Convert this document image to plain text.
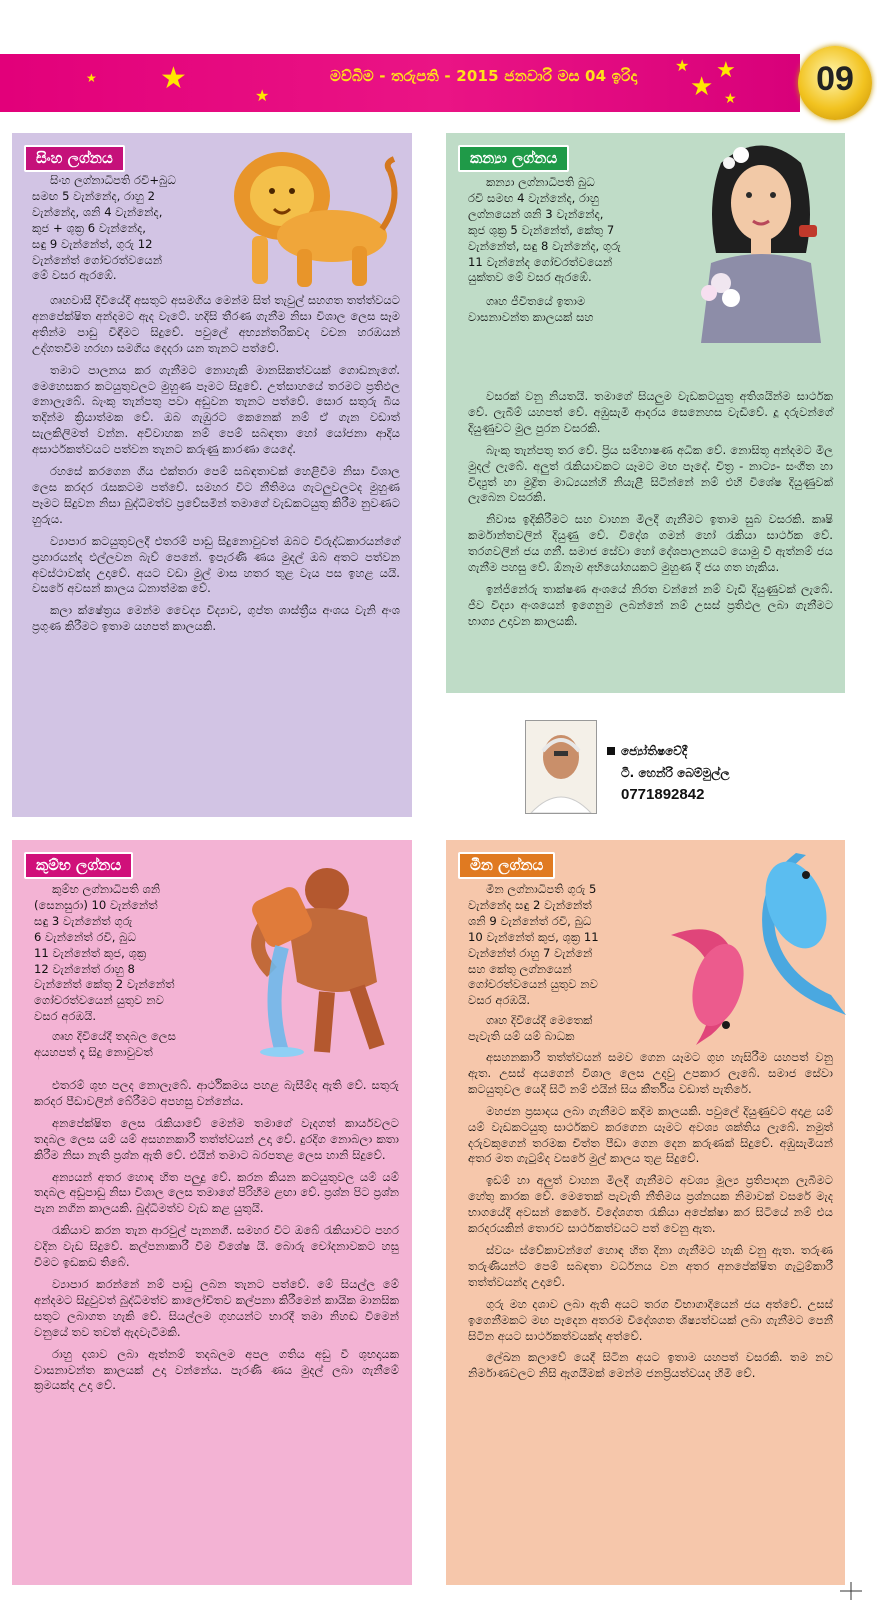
★ ★	★
★
★
★
★
මව්බිම - තරුපති - 2015 ජනවාරි මස 04 ඉරිදා	09
සිංහ ලග්නය
සිංහ ලග්නාධිපති රවි+බුධ
සමඟ 5 වැන්නේද, රාහු 2
වැන්නේද, ශනි 4 වැන්නේද,
කුජ + ශුක්‍ර 6 වැන්නේද,
සඳු 9 වැන්නේත්, ගුරු 12
වැන්නේත් ගෝචරත්වයෙන්
මේ වසර ඇරඹේ.

ගෘහවාසී දිවියේදී අසතුට අසමගිය මෙන්ම සිත් තැවුල් සහගත තත්ත්වයට අනපේක්ෂිත අන්දමට ඇද වැටේ. හදිසි තීරණ ගැනීම නිසා විශාල ලෙස සෑම අතින්ම පාඩු විඳීමට සිදුවේ. පවුලේ අභ්‍යන්තරිකවද වචන හරඹයන් උද්ගතවීම හරහා සමගිය දෙදරා යන තැනට පත්වේ.

තමාට පාලනය කර ගැනීමට නොහැකි මානසිකත්වයක් ගොඩනැගේ. මෙහෙසකර කටයුතුවලට මුහුණ පෑමට සිදුවේ. උත්සාහයේ තරමට ප්‍රතිඵල නොලැබේ. බැංකු තැන්පතු පවා අඩුවන තැනට පත්වේ. සොර සතුරු බිය තදින්ම ක්‍රියාත්මක වේ. ඔබ ගැඹුරට කෙනෙක් නම් ඒ ගැන වඩාත් සැලකිලිමත් වන්න. අවිවාහක නම් පෙම් සබඳතා හෝ යෝජනා ආදිය අසාර්ථකත්වයට පත්වන තැනට කරුණු කාරණා යෙදේ.

රහසේ කරගෙන ගිය එක්තරා පෙම් සබඳතාවක් හෙළිවීම නිසා විශාල ලෙස කරදර රැසකටම පත්වේ. සමහර විට නීතිමය ගැටලුවලටද මුහුණ පෑමට සිදුවන නිසා බුද්ධිමත්ව ප්‍රවේසමින් තමාගේ වැඩකටයුතු කිරීම නුවණට හුරුය.

ව්‍යාපාර කටයුතුවලදී එතරම් පාඩු සිදුනොවුවත් ඔබට විරුද්ධකාරයන්ගේ ප්‍රහාරයන්ද එල්ලවන බැව් පෙනේ. ඉපැරණි ණය මුදල් ඔබ අතට පත්වන අවස්ථාවක්ද උදාවේ. අයට වඩා මුල් මාස හතර තුළ වැය පස ඉහළ යයි. වසරේ අවසන් කාලය ධනාත්මක වේ.

කලා ක්ෂේත්‍රය මෙන්ම වෛද්‍ය විද්‍යාව, ගුප්ත ශාස්ත්‍රීය අංශය වැනි අංශ ප්‍රගුණ කිරීමට ඉතාම යහපත් කාලයකි.

කන්‍යා ලග්නය
කන්‍යා ලග්නාධිපති බුධ
රවි සමඟ 4 වැන්නේද, රාහු
ලග්නයෙන් ශනි 3 වැන්නේද,
කුජ ශුක්‍ර 5 වැන්නේත්, කේතු 7
වැන්නේත්, සඳු 8 වැන්නේද, ගුරු
11 වැන්නේද ගෝචරත්වයෙන්
යුක්තව මේ වසර ඇරඹේ.
ගෘහ ජීවිතයේ ඉතාම
වාසනාවන්ත කාලයක් සහ

වසරක් වනු නියතයි. තමාගේ සියලුම වැඩකටයුතු අතිශයින්ම සාර්ථක වේ. ලැබීම් යහපත් වේ. අඹුසැමි ආදරය සෙනෙහස වැඩිවේ. දූ දරුවන්ගේ දියුණුවට මුල පුරන වසරකි.

බැංකු තැන්පතු තර වේ. ප්‍රිය සම්භාෂණ අධික වේ. නොසිතූ අන්දමට මිල මුදල් ලැබේ. අලුත් රැකියාවකට යෑමට මඟ පෑදේ. චිත්‍ර - නාට්‍ය- සංගීත හා විද්‍යුත් හා මුද්‍රිත මාධ්‍යයන්හි නියැළී සිටින්නේ නම් එහි විශේෂ දියුණුවක් ලැබෙන වසරකි.

නිවාස ඉදිකිරීමට සහ වාහන මිලදී ගැනීමට ඉතාම සුබ වසරකි. කෘෂි කර්මාන්තවලින් දියුණු වේ. විදේශ ගමන් හෝ රැකියා සාර්ථක වේ. තරගවලින් ජය ගනී. සමාජ සේවා හෝ දේශපාලනයට යොමු වී ඇත්නම් ජය ගැනීම පහසු වේ. ඕනෑම අභියෝගයකට මුහුණ දී ජය ගත හැකිය.

ඉන්ජිනේරු තාක්ෂණ අංශයේ නිරත වන්නේ නම් වැඩි දියුණුවක් ලැබේ. ජීව විද්‍යා අංශයෙන් ඉගෙනුම ලබන්නේ නම් උසස් ප්‍රතිඵල ලබා ගැනීමට භාග්‍ය උදාවන කාලයකි.

ජ්‍යෝතිෂවේදී
ටී. හෙන්රි බෙම්මුල්ල
0771892842
කුම්භ ලග්නය
කුම්භ ලග්නාධිපති ශනි
(සෙනසුරා) 10 වැන්නේත්
සඳු 3 වැන්නේත් ගුරු
6 වැන්නේත් රවි, බුධ
11 වැන්නේත් කුජ, ශුක්‍ර
12 වැන්නේත් රාහු 8
වැන්නේත් කේතු 2 වැන්නේත්
ගෝචරත්වයෙන් යුතුව නව
වසර අරඹයි.
ගෘහ දිවියේදී තදබල ලෙස
අයහපත් දෑ සිදු නොවුවත්

එතරම් ශුභ පලද නොලැබේ. ආර්ථිකමය පහළ බැසීම්ද ඇති වේ. සතුරු කරදර පීඩාවලින් බේරීමට අපහසු වන්නේය.

අනපේක්ෂිත ලෙස රැකියාවේ මෙන්ම තමාගේ වැදගත් කාර්යවලට තදබල ලෙස යම් යම් අසහනකාරී තත්ත්වයන් උදා වේ. දුරදිග නොබලා කතා කිරීම නිසා නැති ප්‍රශ්න ඇති වේ. එයින් තමාට බරපතළ ලෙස හානි සිදුවේ.

අන්‍යයන් අතර හොඳ හිත පලුදු වේ. කරන කියන කටයුතුවල යම් යම් තදබල අඩුපාඩු නිසා විශාල ලෙස තමාගේ පිරිහීම ළඟා වේ. ප්‍රශ්න පිට ප්‍රශ්න පැන නගින කාලයකි. බුද්ධිමත්ව වැඩ කළ යුතුයි.

රැකියාව කරන තැන ආරවුල් පැනනගී. සමහර විට ඔබේ රැකියාවට පහර වදින වැඩ සිදුවේ. කල්පනාකාරී වීම විශේෂ යි. බොරු චෝදනාවකට හසු වීමට ඉඩකඩ තිබේ.

ව්‍යාපාර කරන්නේ නම් පාඩු ලබන තැනට පත්වේ. මේ සියල්ල මේ අන්දමට සිදුවුවත් බුද්ධිමත්ව කාලෝචිතව කල්පනා කිරීමෙන් කායික මානසික සතුට ලබාගත හැකි වේ. සියල්ලම ගුහයන්ට භාරදී තමා නිහඬ වීමෙන් වනුයේ තව තවත් ඇදවැටීමකි.

රාහු දශාව ලබා ඇත්නම් තදබලම අපල ගතිය අඩු වී ශුභදායක වාසනාවන්ත කාලයක් උදා වන්නේය. පැරණි ණය මුදල් ලබා ගැනීමේ ක්‍රමයක්ද උදා වේ.

මීන ලග්නය
මීන ලග්නාධිපති ගුරු 5
වැන්නේද සඳු 2 වැන්නේත්
ශනි 9 වැන්නේත් රවි, බුධ
10 වැන්නේත් කුජ, ශුක්‍ර 11
වැන්නේත් රාහු 7 වැන්නේ
සහ කේතු ලග්නයෙන්
ගෝචරත්වයෙන් යුතුව නව
වසර අරඹයි.
ගෘහ දිවියේදී මෙතෙක්
පැවැති යම් යම් බාධක

අසහනකාරී තත්ත්වයන් සමව ගෙන යෑමට ගුහ හැසිරීම යහපත් වනු ඇත. උසස් අයගෙන් විශාල ලෙස උදවු උපකාර ලැබේ. සමාජ සේවා කටයුතුවල යෙදී සිටී නම් එයින් සිය කීර්තිය වඩාත් පැතිරේ.

මහජන ප්‍රසාදය ලබා ගැනීමට කදිම කාලයකි. පවුලේ දියුණුවට අදාළ යම් යම් වැඩකටයුතු සාර්ථකව කරගෙන යෑමට අවශ්‍ය ශක්තිය ලැබේ. නමුත් දරුවකුගෙන් තරමක චිත්ත පීඩා ගෙන දෙන කරුණක් සිදුවේ. අඹුසැමියන් අතර මත ගැටුම්ද වසරේ මුල් කාලය තුළ සිදුවේ.

ඉඩම් හා අලුත් වාහන මිලදී ගැනීමට අවශ්‍ය මූල්‍ය ප්‍රතිපාදන ලැබීමට හේතු කාරක වේ. මෙතෙක් පැවැති නීතිමය ප්‍රශ්නයක නිමාවක් වසරේ මැද භාගයේදී අවසන් කෙරේ. විදේශගත රැකියා අපේක්ෂා කර සිටියේ නම් එය කරදරයකින් තොරව සාර්ථකත්වයට පත් වෙනු ඇත.

ස්වයං ස්වේකාවන්ගේ හොඳ හිත දිනා ගැනීමට හැකි වනු ඇත. තරුණ තරුණියන්ට පෙම් සබඳතා වර්ධනය වන අතර අනපේක්ෂිත ගැටුම්කාරී තත්ත්වයන්ද උදාවේ.

ගුරු මහ දශාව ලබා ඇති අයට තරග විභාගාදියෙන් ජය අත්වේ. උසස් ඉගෙනීමකට මඟ පෑදෙන අතරම විදේශගත ශිෂ්‍යත්වයක් ලබා ගැනීමට පෙනී සිටින අයට සාර්ථකත්වයක්ද අත්වේ.

ලේඛන කලාවේ යෙදී සිටින අයට ඉතාම යහපත් වසරකි. තම නව නිර්මාණවලට නිසි ඇගයීමක් මෙන්ම ජනප්‍රියත්වයද හිමි වේ.
